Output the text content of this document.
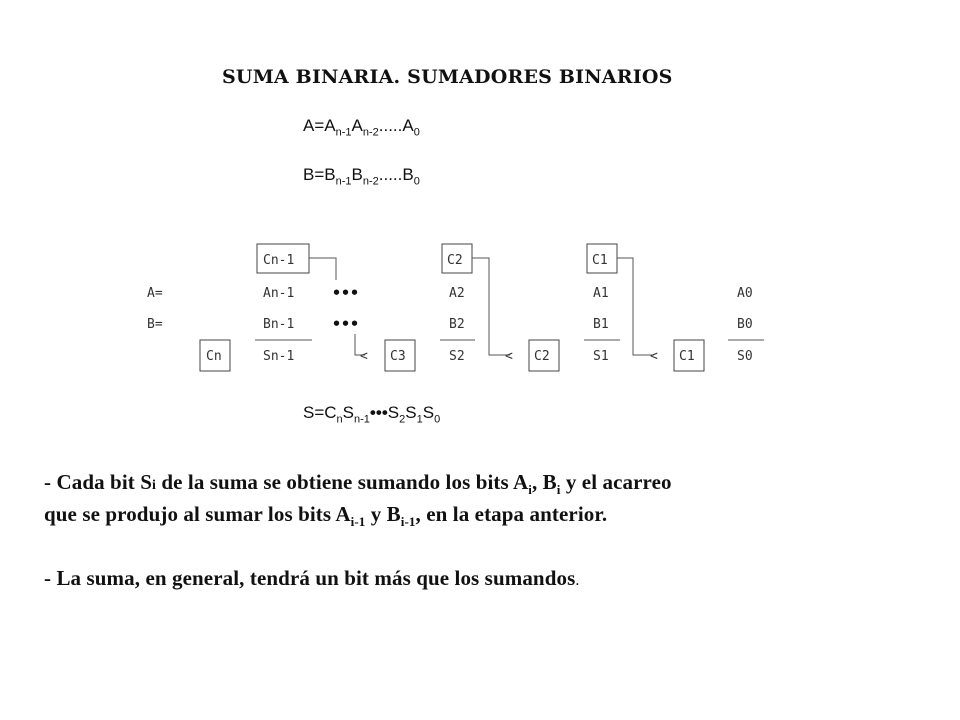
SUMA BINARIA. SUMADORES BINARIOS
$A=A_{n-1}A_{n-2}.....A_0$
$B=B_{n-1}B_{n-2}.....B_0$
A=
B=
Cn-1
An-1
Bn-1
Sn-1
Cn
•••
•••
< C3
C2
A2
B2
S2	< C2
C1
A1
B1
S1	< C1
A0
B0
S0
$S=C_nS_{n-1}•••S_2S_1S_0$
- Cada bit Si de la suma se obtiene sumando los bits $A_i$, $B_i$ y el acarreo
que se produjo al sumar los bits $A_{i-1}$ y $B_{i-1}$, en la etapa anterior.
- La suma, en general, tendrá un bit más que los sumandos.
